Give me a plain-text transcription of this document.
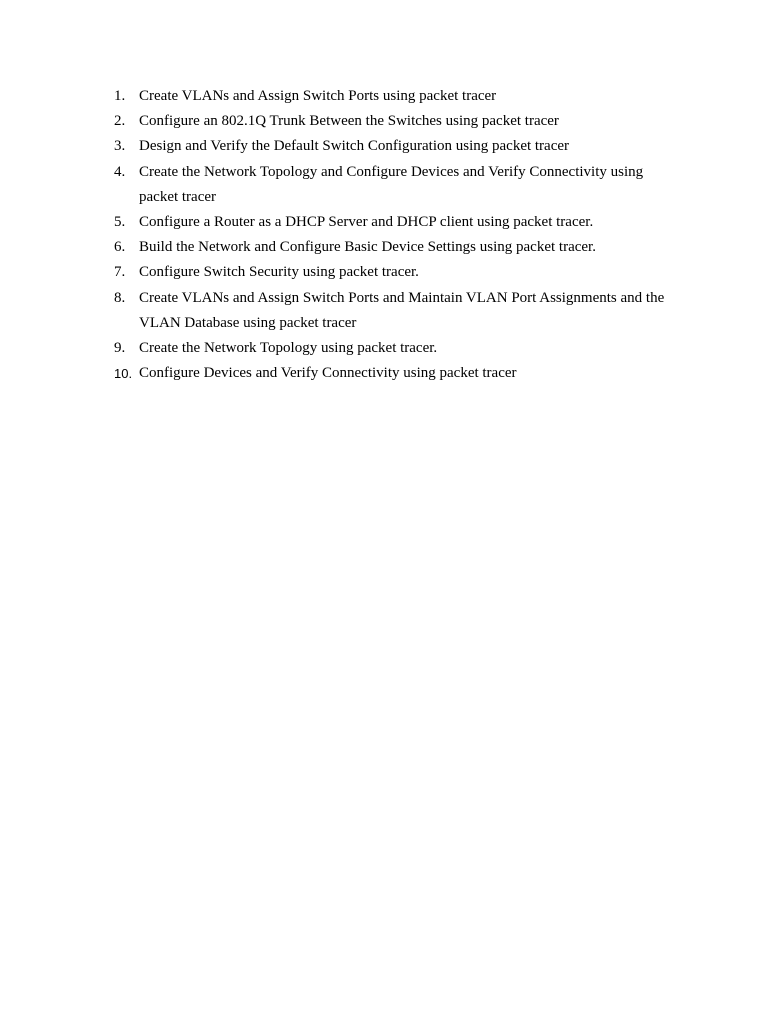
1. Create VLANs and Assign Switch Ports using packet tracer
2. Configure an 802.1Q Trunk Between the Switches using packet tracer
3. Design and Verify the Default Switch Configuration using packet tracer
4. Create the Network Topology and Configure Devices and Verify Connectivity using packet tracer
5. Configure a Router as a DHCP Server and DHCP client using packet tracer.
6. Build the Network and Configure Basic Device Settings using packet tracer.
7. Configure Switch Security using packet tracer.
8. Create VLANs and Assign Switch Ports and Maintain VLAN Port Assignments and the VLAN Database using packet tracer
9. Create the Network Topology using packet tracer.
10. Configure Devices and Verify Connectivity using packet tracer
